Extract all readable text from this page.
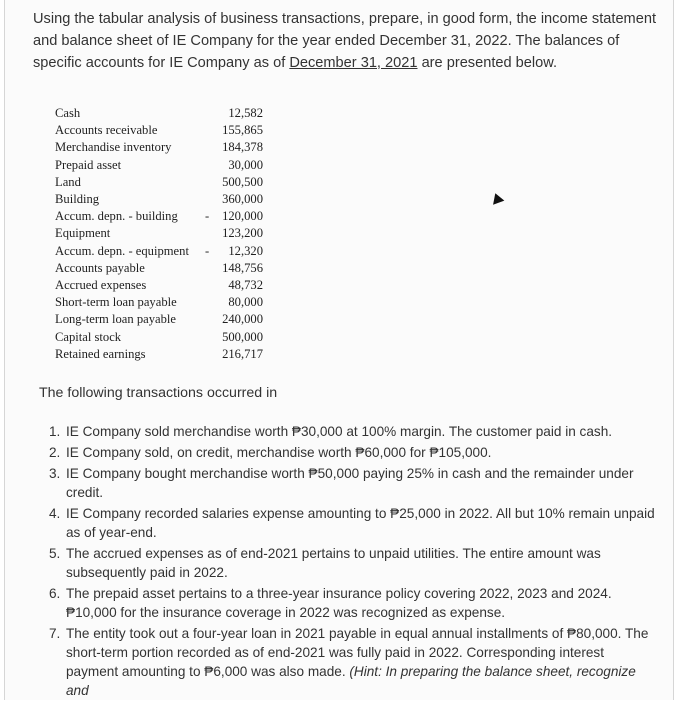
Using the tabular analysis of business transactions, prepare, in good form, the income statement and balance sheet of IE Company for the year ended December 31, 2022. The balances of specific accounts for IE Company as of December 31, 2021 are presented below.

Cash	12,582
Accounts receivable	155,865
Merchandise inventory	184,378
Prepaid asset	30,000
Land	500,500
Building	360,000
Accum. depn. - building - 120,000
Equipment	123,200
Accum. depn. - equipment - 12,320
Accounts payable	148,756
Accrued expenses	48,732
Short-term loan payable	80,000
Long-term loan payable	240,000
Capital stock	500,000
Retained earnings	216,717
The following transactions occurred in
1. IE Company sold merchandise worth ₱30,000 at 100% margin. The customer paid in cash.
2. IE Company sold, on credit, merchandise worth ₱60,000 for ₱105,000.
3. IE Company bought merchandise worth ₱50,000 paying 25% in cash and the remainder under credit.
4. IE Company recorded salaries expense amounting to ₱25,000 in 2022. All but 10% remain unpaid as of year-end.
5. The accrued expenses as of end-2021 pertains to unpaid utilities. The entire amount was subsequently paid in 2022.
6. The prepaid asset pertains to a three-year insurance policy covering 2022, 2023 and 2024. ₱10,000 for the insurance coverage in 2022 was recognized as expense.
7. The entity took out a four-year loan in 2021 payable in equal annual installments of ₱80,000. The short-term portion recorded as of end-2021 was fully paid in 2022. Corresponding interest payment amounting to ₱6,000 was also made. (Hint: In preparing the balance sheet, recognize and
